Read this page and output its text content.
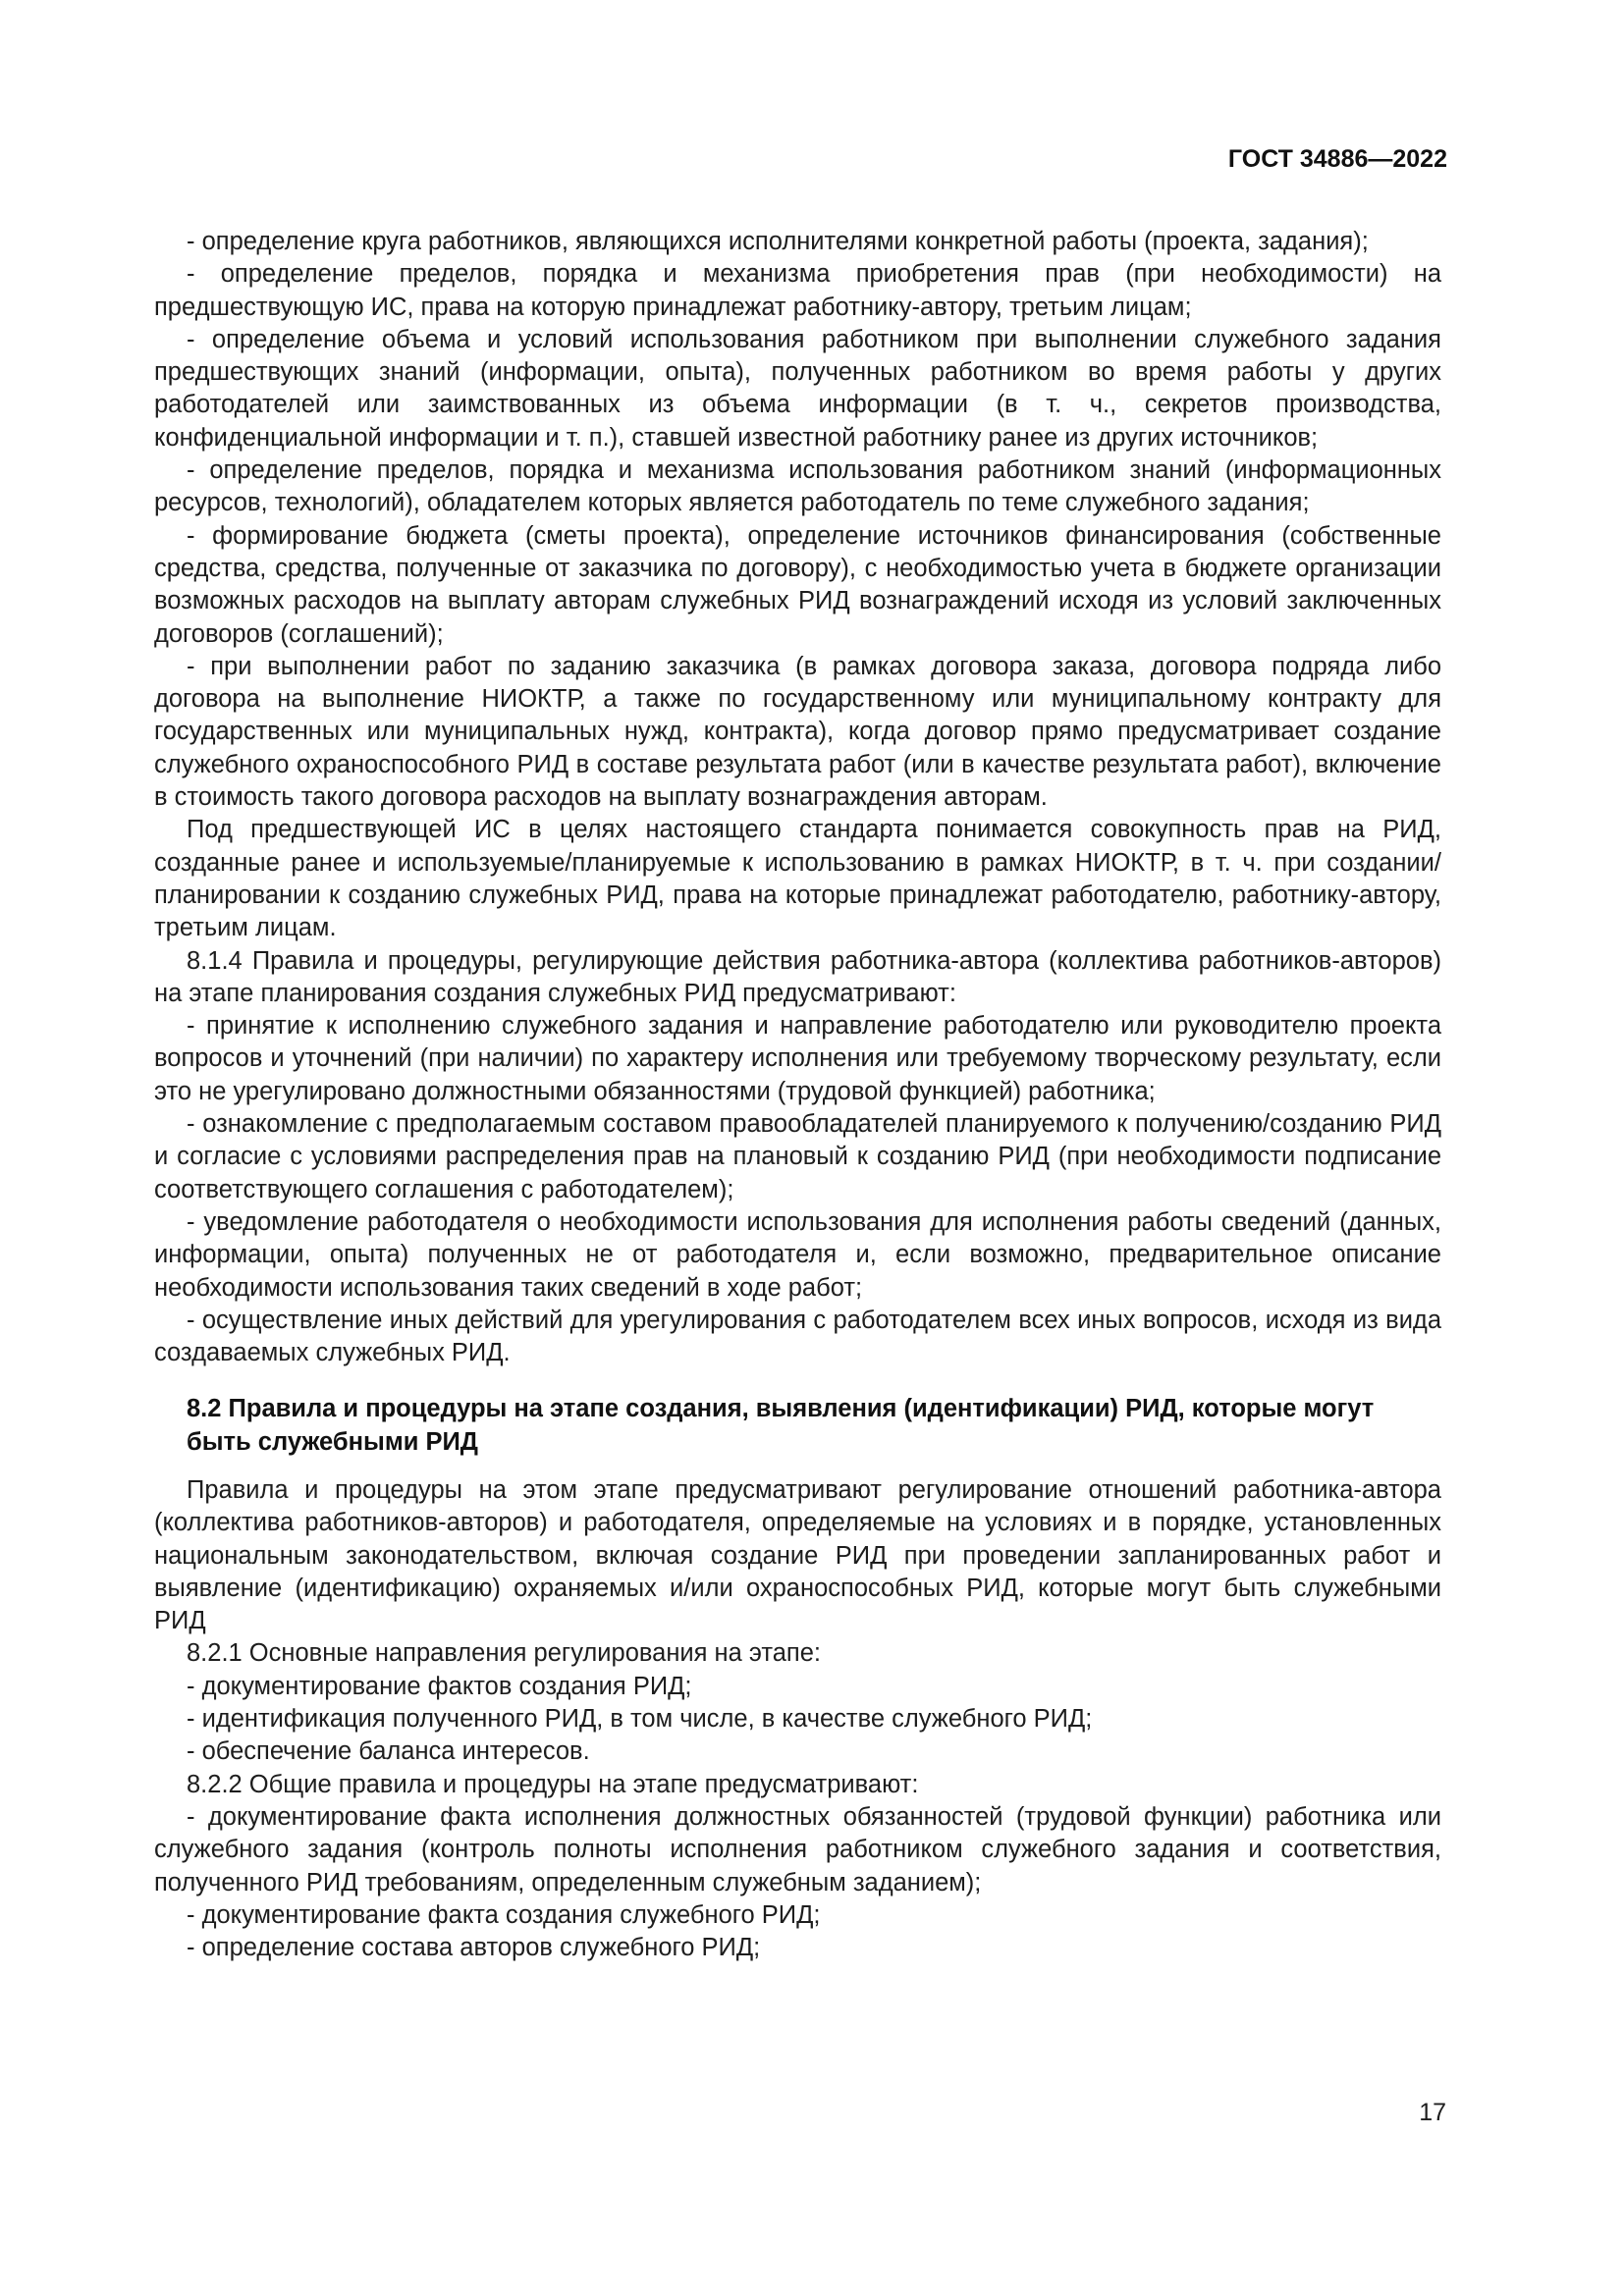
ГОСТ 34886—2022

- определение круга работников, являющихся исполнителями конкретной работы (проекта, задания);

- определение пределов, порядка и механизма приобретения прав (при необходимости) на предшествующую ИС, права на которую принадлежат работнику-автору, третьим лицам;

- определение объема и условий использования работником при выполнении служебного задания предшествующих знаний (информации, опыта), полученных работником во время работы у других работодателей или заимствованных из объема информации (в т. ч., секретов производства, конфиденциальной информации и т. п.), ставшей известной работнику ранее из других источников;

- определение пределов, порядка и механизма использования работником знаний (информационных ресурсов, технологий), обладателем которых является работодатель по теме служебного задания;

- формирование бюджета (сметы проекта), определение источников финансирования (собственные средства, средства, полученные от заказчика по договору), с необходимостью учета в бюджете организации возможных расходов на выплату авторам служебных РИД вознаграждений исходя из условий заключенных договоров (соглашений);

- при выполнении работ по заданию заказчика (в рамках договора заказа, договора подряда либо договора на выполнение НИОКТР, а также по государственному или муниципальному контракту для государственных или муниципальных нужд, контракта), когда договор прямо предусматривает создание служебного охраноспособного РИД в составе результата работ (или в качестве результата работ), включение в стоимость такого договора расходов на выплату вознаграждения авторам.

Под предшествующей ИС в целях настоящего стандарта понимается совокупность прав на РИД, созданные ранее и используемые/планируемые к использованию в рамках НИОКТР, в т. ч. при создании/планировании к созданию служебных РИД, права на которые принадлежат работодателю, работнику-автору, третьим лицам.

8.1.4 Правила и процедуры, регулирующие действия работника-автора (коллектива работников-авторов) на этапе планирования создания служебных РИД предусматривают:

- принятие к исполнению служебного задания и направление работодателю или руководителю проекта вопросов и уточнений (при наличии) по характеру исполнения или требуемому творческому результату, если это не урегулировано должностными обязанностями (трудовой функцией) работника;

- ознакомление с предполагаемым составом правообладателей планируемого к получению/созданию РИД и согласие с условиями распределения прав на плановый к созданию РИД (при необходимости подписание соответствующего соглашения с работодателем);

- уведомление работодателя о необходимости использования для исполнения работы сведений (данных, информации, опыта) полученных не от работодателя и, если возможно, предварительное описание необходимости использования таких сведений в ходе работ;

- осуществление иных действий для урегулирования с работодателем всех иных вопросов, исходя из вида создаваемых служебных РИД.

8.2 Правила и процедуры на этапе создания, выявления (идентификации) РИД, которые могут быть служебными РИД

Правила и процедуры на этом этапе предусматривают регулирование отношений работника-автора (коллектива работников-авторов) и работодателя, определяемые на условиях и в порядке, установленных национальным законодательством, включая создание РИД при проведении запланированных работ и выявление (идентификацию) охраняемых и/или охраноспособных РИД, которые могут быть служебными РИД

8.2.1 Основные направления регулирования на этапе:

- документирование фактов создания РИД;

- идентификация полученного РИД, в том числе, в качестве служебного РИД;

- обеспечение баланса интересов.

8.2.2 Общие правила и процедуры на этапе предусматривают:

- документирование факта исполнения должностных обязанностей (трудовой функции) работника или служебного задания (контроль полноты исполнения работником служебного задания и соответствия, полученного РИД требованиям, определенным служебным заданием);

- документирование факта создания служебного РИД;

- определение состава авторов служебного РИД;

17
